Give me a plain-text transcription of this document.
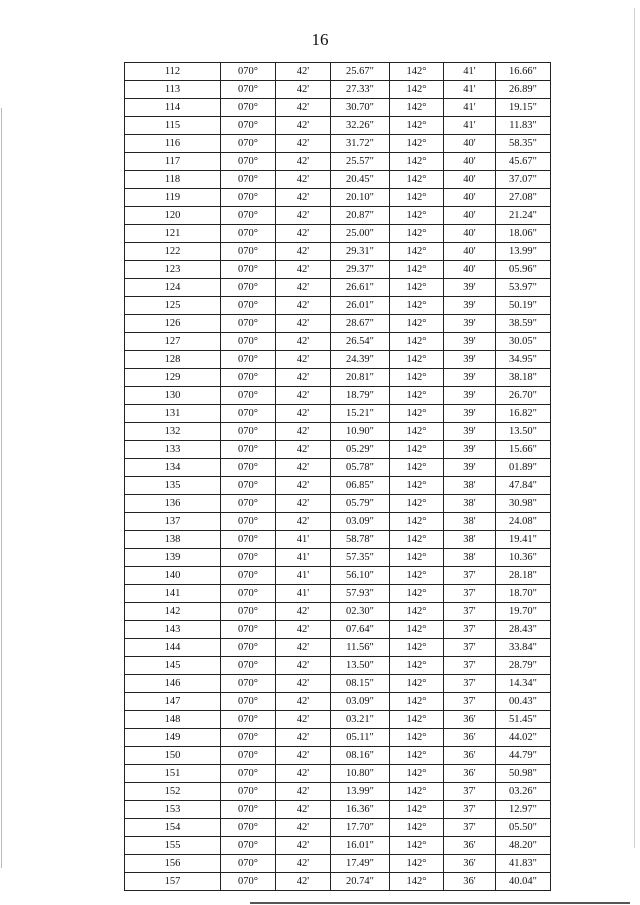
16
112	070°	42'	25.67"	142°	41'	16.66"
113	070°	42'	27.33"	142°	41'	26.89"
114	070°	42'	30.70"	142°	41'	19.15"
115	070°	42'	32.26"	142°	41'	11.83"
116	070°	42'	31.72"	142°	40'	58.35"
117	070°	42'	25.57"	142°	40'	45.67"
118	070°	42'	20.45"	142°	40'	37.07"
119	070°	42'	20.10"	142°	40'	27.08"
120	070°	42'	20.87"	142°	40'	21.24"
121	070°	42'	25.00"	142°	40'	18.06"
122	070°	42'	29.31"	142°	40'	13.99"
123	070°	42'	29.37"	142°	40'	05.96"
124	070°	42'	26.61"	142°	39'	53.97"
125	070°	42'	26.01"	142°	39'	50.19"
126	070°	42'	28.67"	142°	39'	38.59"
127	070°	42'	26.54"	142°	39'	30.05"
128	070°	42'	24.39"	142°	39'	34.95"
129	070°	42'	20.81"	142°	39'	38.18"
130	070°	42'	18.79"	142°	39'	26.70"
131	070°	42'	15.21"	142°	39'	16.82"
132	070°	42'	10.90"	142°	39'	13.50"
133	070°	42'	05.29"	142°	39'	15.66"
134	070°	42'	05.78"	142°	39'	01.89"
135	070°	42'	06.85"	142°	38'	47.84"
136	070°	42'	05.79"	142°	38'	30.98"
137	070°	42'	03.09"	142°	38'	24.08"
138	070°	41'	58.78"	142°	38'	19.41"
139	070°	41'	57.35"	142°	38'	10.36"
140	070°	41'	56.10"	142°	37'	28.18"
141	070°	41'	57.93"	142°	37'	18.70"
142	070°	42'	02.30"	142°	37'	19.70"
143	070°	42'	07.64"	142°	37'	28.43"
144	070°	42'	11.56"	142°	37'	33.84"
145	070°	42'	13.50"	142°	37'	28.79"
146	070°	42'	08.15"	142°	37'	14.34"
147	070°	42'	03.09"	142°	37'	00.43"
148	070°	42'	03.21"	142°	36'	51.45"
149	070°	42'	05.11"	142°	36'	44.02"
150	070°	42'	08.16"	142°	36'	44.79"
151	070°	42'	10.80"	142°	36'	50.98"
152	070°	42'	13.99"	142°	37'	03.26"
153	070°	42'	16.36"	142°	37'	12.97"
154	070°	42'	17.70"	142°	37'	05.50"
155	070°	42'	16.01"	142°	36'	48.20"
156	070°	42'	17.49"	142°	36'	41.83"
157	070°	42'	20.74"	142°	36'	40.04"
